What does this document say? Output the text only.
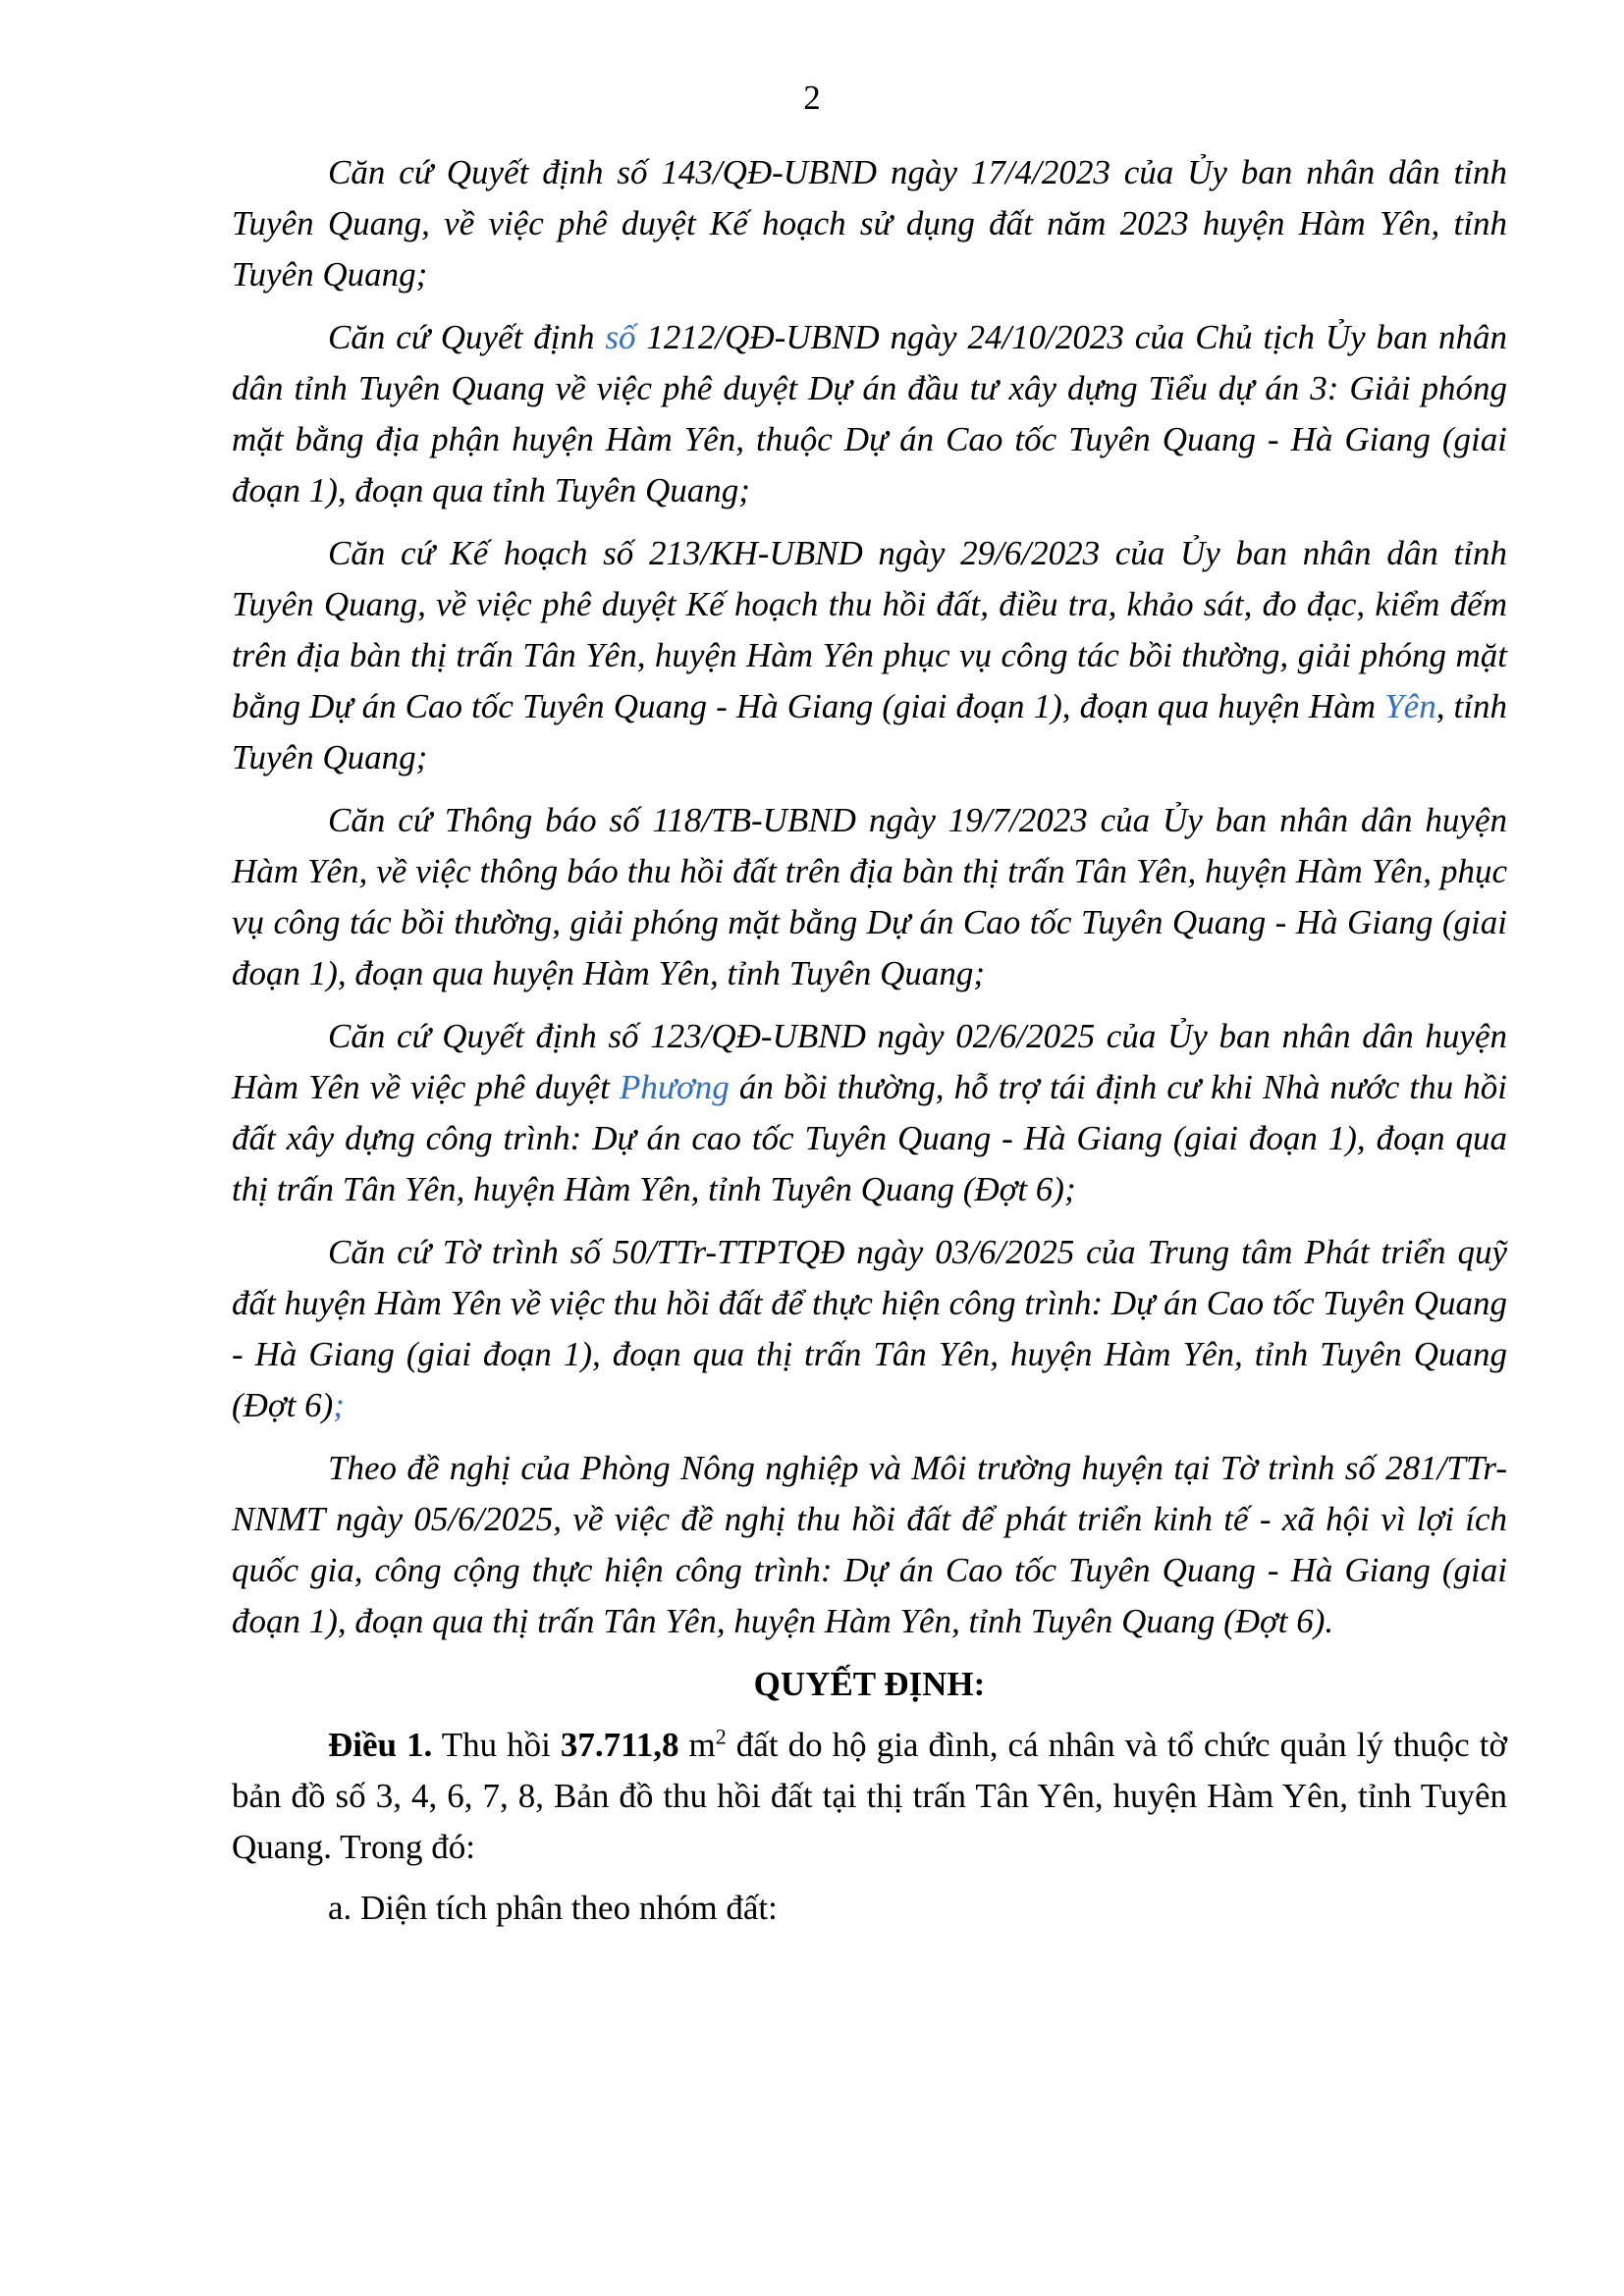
2

Căn cứ Quyết định số 143/QĐ-UBND ngày 17/4/2023 của Ủy ban nhân dân tỉnh Tuyên Quang, về việc phê duyệt Kế hoạch sử dụng đất năm 2023 huyện Hàm Yên, tỉnh Tuyên Quang;

Căn cứ Quyết định số 1212/QĐ-UBND ngày 24/10/2023 của Chủ tịch Ủy ban nhân dân tỉnh Tuyên Quang về việc phê duyệt Dự án đầu tư xây dựng Tiểu dự án 3: Giải phóng mặt bằng địa phận huyện Hàm Yên, thuộc Dự án Cao tốc Tuyên Quang - Hà Giang (giai đoạn 1), đoạn qua tỉnh Tuyên Quang;

Căn cứ Kế hoạch số 213/KH-UBND ngày 29/6/2023 của Ủy ban nhân dân tỉnh Tuyên Quang, về việc phê duyệt Kế hoạch thu hồi đất, điều tra, khảo sát, đo đạc, kiểm đếm trên địa bàn thị trấn Tân Yên, huyện Hàm Yên phục vụ công tác bồi thường, giải phóng mặt bằng Dự án Cao tốc Tuyên Quang - Hà Giang (giai đoạn 1), đoạn qua huyện Hàm Yên, tỉnh Tuyên Quang;

Căn cứ Thông báo số 118/TB-UBND ngày 19/7/2023 của Ủy ban nhân dân huyện Hàm Yên, về việc thông báo thu hồi đất trên địa bàn thị trấn Tân Yên, huyện Hàm Yên, phục vụ công tác bồi thường, giải phóng mặt bằng Dự án Cao tốc Tuyên Quang - Hà Giang (giai đoạn 1), đoạn qua huyện Hàm Yên, tỉnh Tuyên Quang;

Căn cứ Quyết định số 123/QĐ-UBND ngày 02/6/2025 của Ủy ban nhân dân huyện Hàm Yên về việc phê duyệt Phương án bồi thường, hỗ trợ tái định cư khi Nhà nước thu hồi đất xây dựng công trình: Dự án cao tốc Tuyên Quang - Hà Giang (giai đoạn 1), đoạn qua thị trấn Tân Yên, huyện Hàm Yên, tỉnh Tuyên Quang (Đợt 6);

Căn cứ Tờ trình số 50/TTr-TTPTQĐ ngày 03/6/2025 của Trung tâm Phát triển quỹ đất huyện Hàm Yên về việc thu hồi đất để thực hiện công trình: Dự án Cao tốc Tuyên Quang - Hà Giang (giai đoạn 1), đoạn qua thị trấn Tân Yên, huyện Hàm Yên, tỉnh Tuyên Quang (Đợt 6);

Theo đề nghị của Phòng Nông nghiệp và Môi trường huyện tại Tờ trình số 281/TTr-NNMT ngày 05/6/2025, về việc đề nghị thu hồi đất để phát triển kinh tế - xã hội vì lợi ích quốc gia, công cộng thực hiện công trình: Dự án Cao tốc Tuyên Quang - Hà Giang (giai đoạn 1), đoạn qua thị trấn Tân Yên, huyện Hàm Yên, tỉnh Tuyên Quang (Đợt 6).

QUYẾT ĐỊNH:

Điều 1. Thu hồi 37.711,8 $m^2$ đất do hộ gia đình, cá nhân và tổ chức quản lý thuộc tờ bản đồ số 3, 4, 6, 7, 8, Bản đồ thu hồi đất tại thị trấn Tân Yên, huyện Hàm Yên, tỉnh Tuyên Quang. Trong đó:

a. Diện tích phân theo nhóm đất:
